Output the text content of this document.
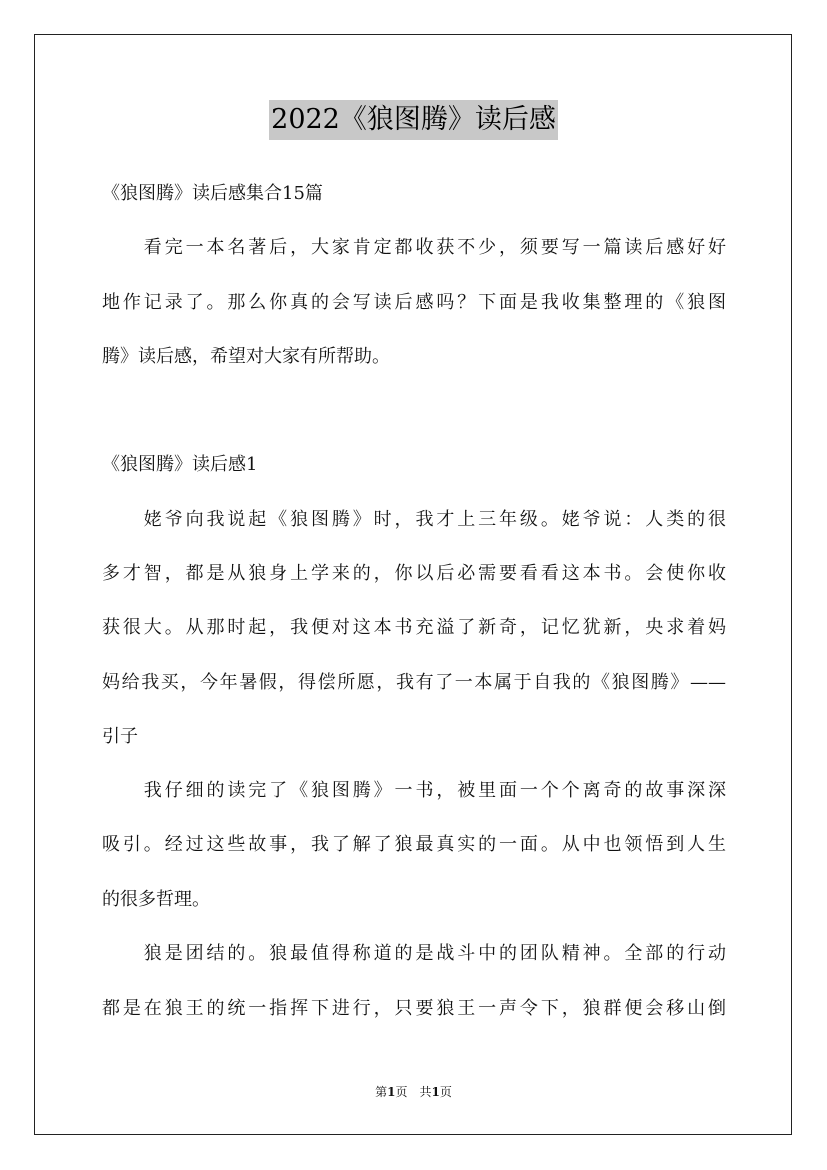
2022《狼图腾》读后感
《狼图腾》读后感集合15篇
　　看完一本名著后，大家肯定都收获不少，须要写一篇读后感好好
地作记录了。那么你真的会写读后感吗？下面是我收集整理的《狼图
腾》读后感，希望对大家有所帮助。
《狼图腾》读后感1
　　姥爷向我说起《狼图腾》时，我才上三年级。姥爷说：人类的很
多才智，都是从狼身上学来的，你以后必需要看看这本书。会使你收
获很大。从那时起，我便对这本书充溢了新奇，记忆犹新，央求着妈
妈给我买，今年暑假，得偿所愿，我有了一本属于自我的《狼图腾》——
引子
　　我仔细的读完了《狼图腾》一书，被里面一个个离奇的故事深深
吸引。经过这些故事，我了解了狼最真实的一面。从中也领悟到人生
的很多哲理。
　　狼是团结的。狼最值得称道的是战斗中的团队精神。全部的行动
都是在狼王的统一指挥下进行，只要狼王一声令下，狼群便会移山倒
第1页  共1页
